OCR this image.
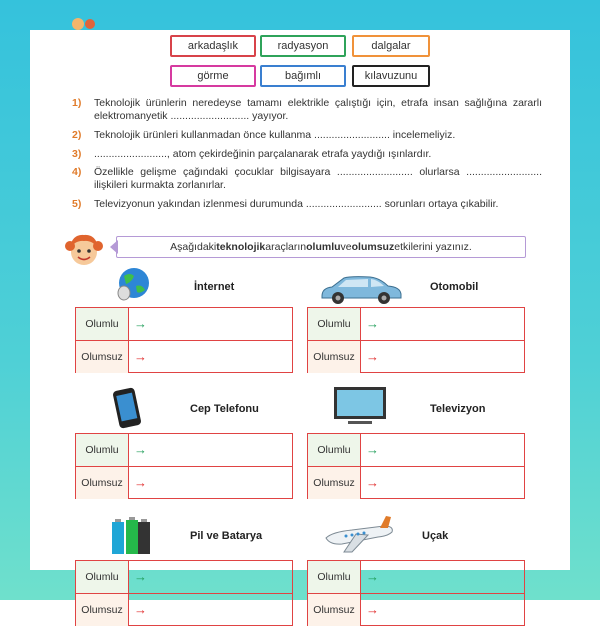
arkadaşlık	radyasyon	dalgalar
görme	bağımlı	kılavuzunu
1) Teknolojik ürünlerin neredeyse tamamı elektrikle çalıştığı için, etrafa insan sağlığına zararlı elektromanyetik ........................... yayıyor.
2) Teknolojik ürünleri kullanmadan önce kullanma .......................... incelemeliyiz.
3) ........................., atom çekirdeğinin parçalanarak etrafa yaydığı ışınlardır.
4) Özellikle gelişme çağındaki çocuklar bilgisayara .......................... olurlarsa .......................... ilişkileri kurmakta zorlanırlar.
5) Televizyonun yakından izlenmesi durumunda .......................... sorunları ortaya çıkabilir.
Aşağıdaki teknolojik araçların olumlu ve olumsuz etkilerini yazınız.
İnternet
Olumlu	→
Olumsuz →
Otomobil
Olumlu	→
Olumsuz →
Cep Telefonu
Olumlu	→
Olumsuz →
Televizyon
Olumlu	→
Olumsuz →
Pil ve Batarya
Olumlu	→
Olumsuz →
Uçak
Olumlu	→
Olumsuz →
